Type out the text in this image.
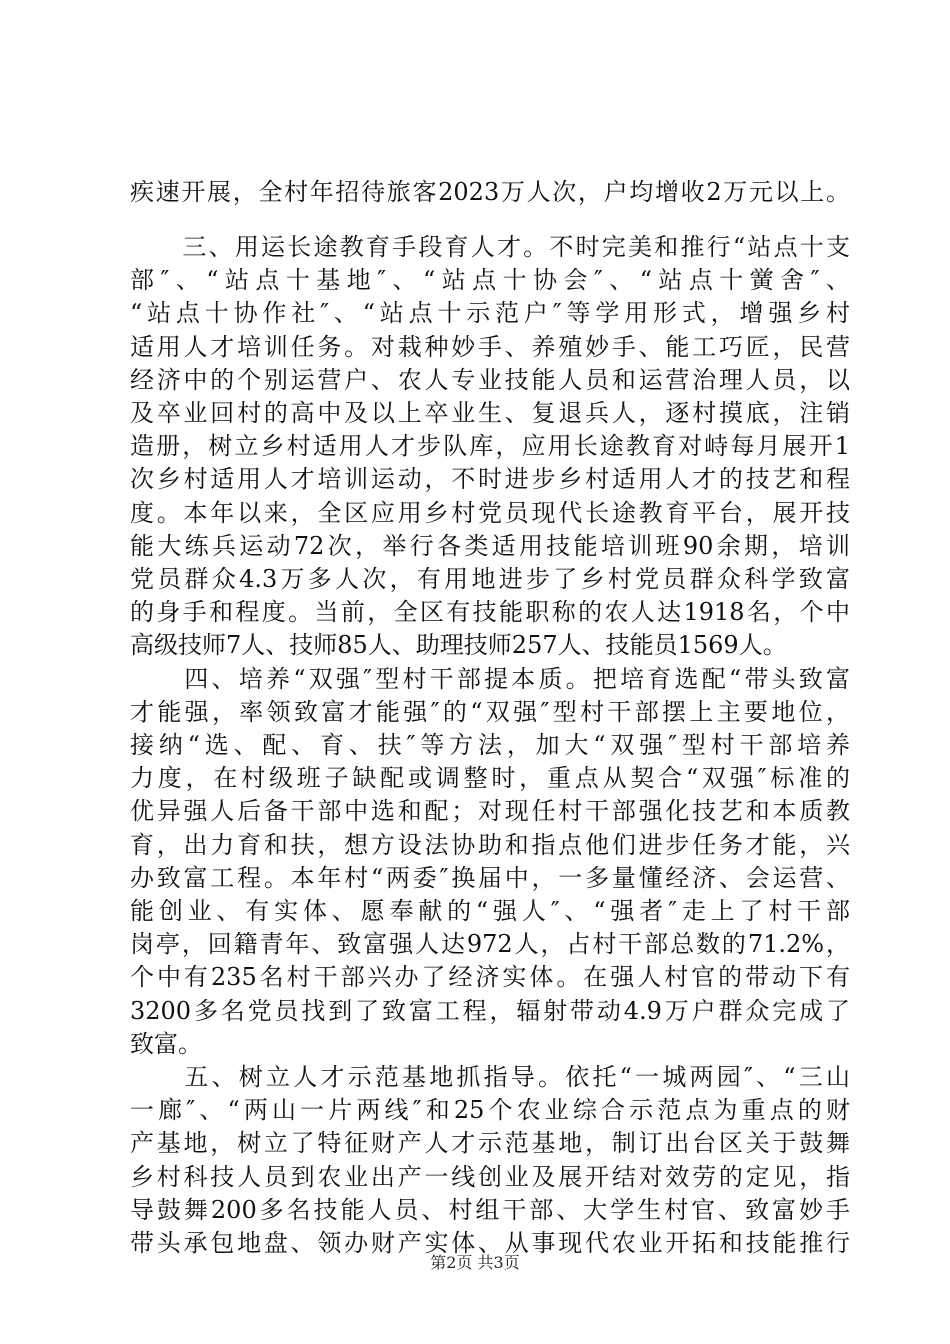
疾速开展，全村年招待旅客2023万人次，户均增收2万元以上。
　　三、用运长途教育手段育人才。不时完美和推行“站点十支
部″、“站点十基地″、“站点十协会″、“站点十黉舍″、
“站点十协作社″、“站点十示范户″等学用形式，增强乡村
适用人才培训任务。对栽种妙手、养殖妙手、能工巧匠，民营
经济中的个别运营户、农人专业技能人员和运营治理人员，以
及卒业回村的高中及以上卒业生、复退兵人，逐村摸底，注销
造册，树立乡村适用人才步队库，应用长途教育对峙每月展开1
次乡村适用人才培训运动，不时进步乡村适用人才的技艺和程
度。本年以来，全区应用乡村党员现代长途教育平台，展开技
能大练兵运动72次，举行各类适用技能培训班90余期，培训
党员群众4.3万多人次，有用地进步了乡村党员群众科学致富
的身手和程度。当前，全区有技能职称的农人达1918名，个中
高级技师7人、技师85人、助理技师257人、技能员1569人。
　　四、培养“双强″型村干部提本质。把培育选配“带头致富
才能强，率领致富才能强″的“双强″型村干部摆上主要地位，
接纳“选、配、育、扶″等方法，加大“双强″型村干部培养
力度，在村级班子缺配或调整时，重点从契合“双强″标准的
优异强人后备干部中选和配；对现任村干部强化技艺和本质教
育，出力育和扶，想方设法协助和指点他们进步任务才能，兴
办致富工程。本年村“两委″换届中，一多量懂经济、会运营、
能创业、有实体、愿奉献的“强人″、“强者″走上了村干部
岗亭，回籍青年、致富强人达972人，占村干部总数的71.2%，
个中有235名村干部兴办了经济实体。在强人村官的带动下有
3200多名党员找到了致富工程，辐射带动4.9万户群众完成了
致富。
　　五、树立人才示范基地抓指导。依托“一城两园″、“三山
一廊″、“两山一片两线″和25个农业综合示范点为重点的财
产基地，树立了特征财产人才示范基地，制订出台区关于鼓舞
乡村科技人员到农业出产一线创业及展开结对效劳的定见，指
导鼓舞200多名技能人员、村组干部、大学生村官、致富妙手
带头承包地盘、领办财产实体、从事现代农业开拓和技能推行

第2页 共3页
